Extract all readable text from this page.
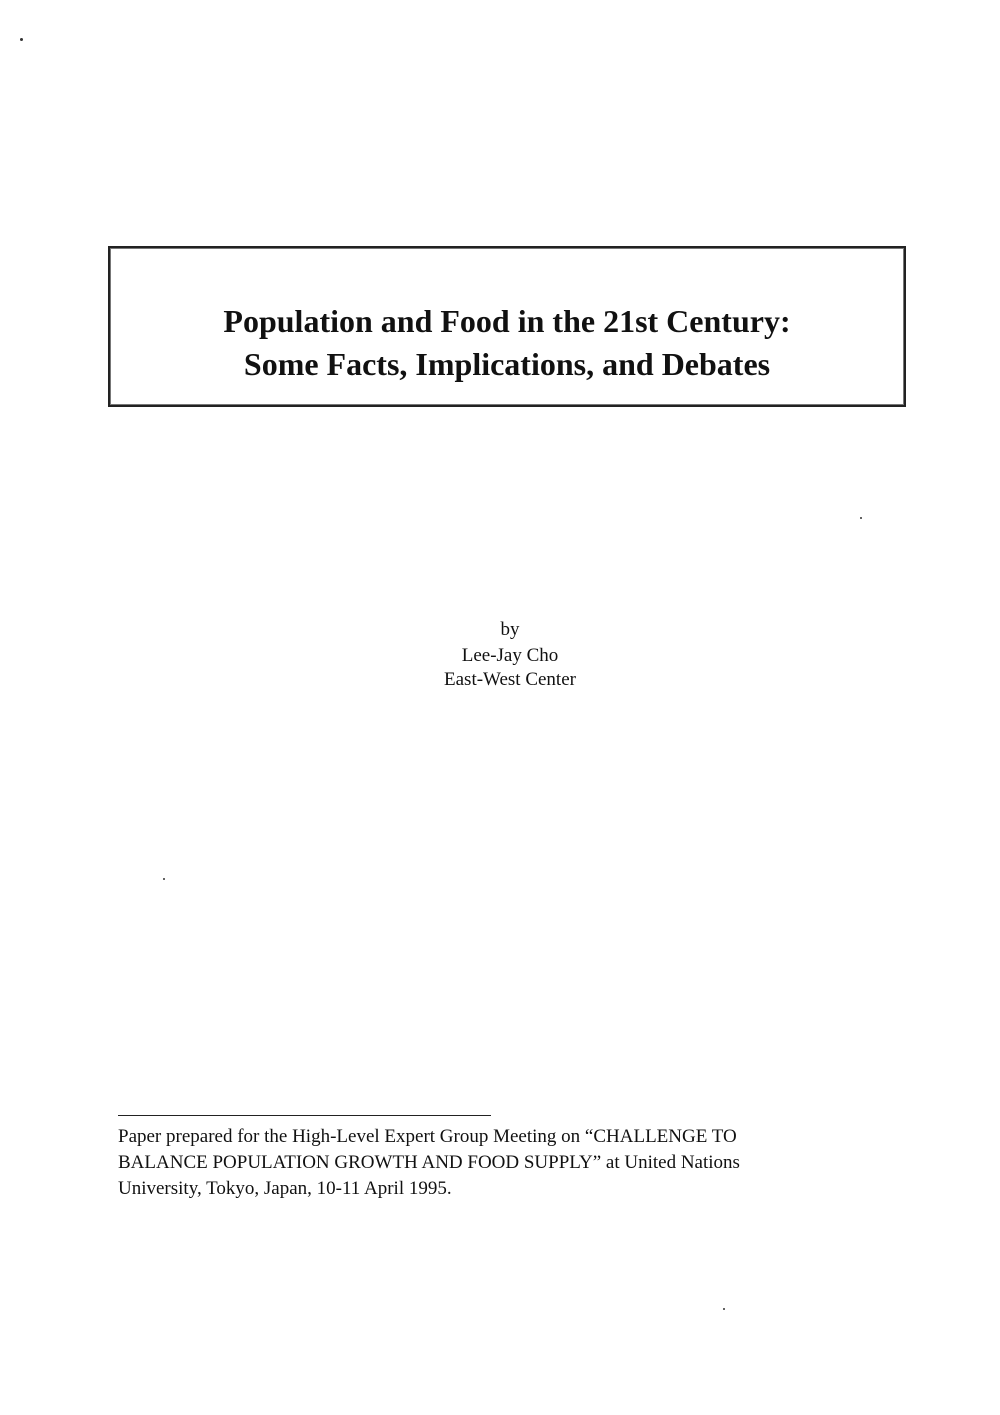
Population and Food in the 21st Century:
Some Facts, Implications, and Debates
by
Lee-Jay Cho
East-West Center
Paper prepared for the High-Level Expert Group Meeting on “CHALLENGE TO
BALANCE POPULATION GROWTH AND FOOD SUPPLY” at United Nations
University, Tokyo, Japan, 10-11 April 1995.
